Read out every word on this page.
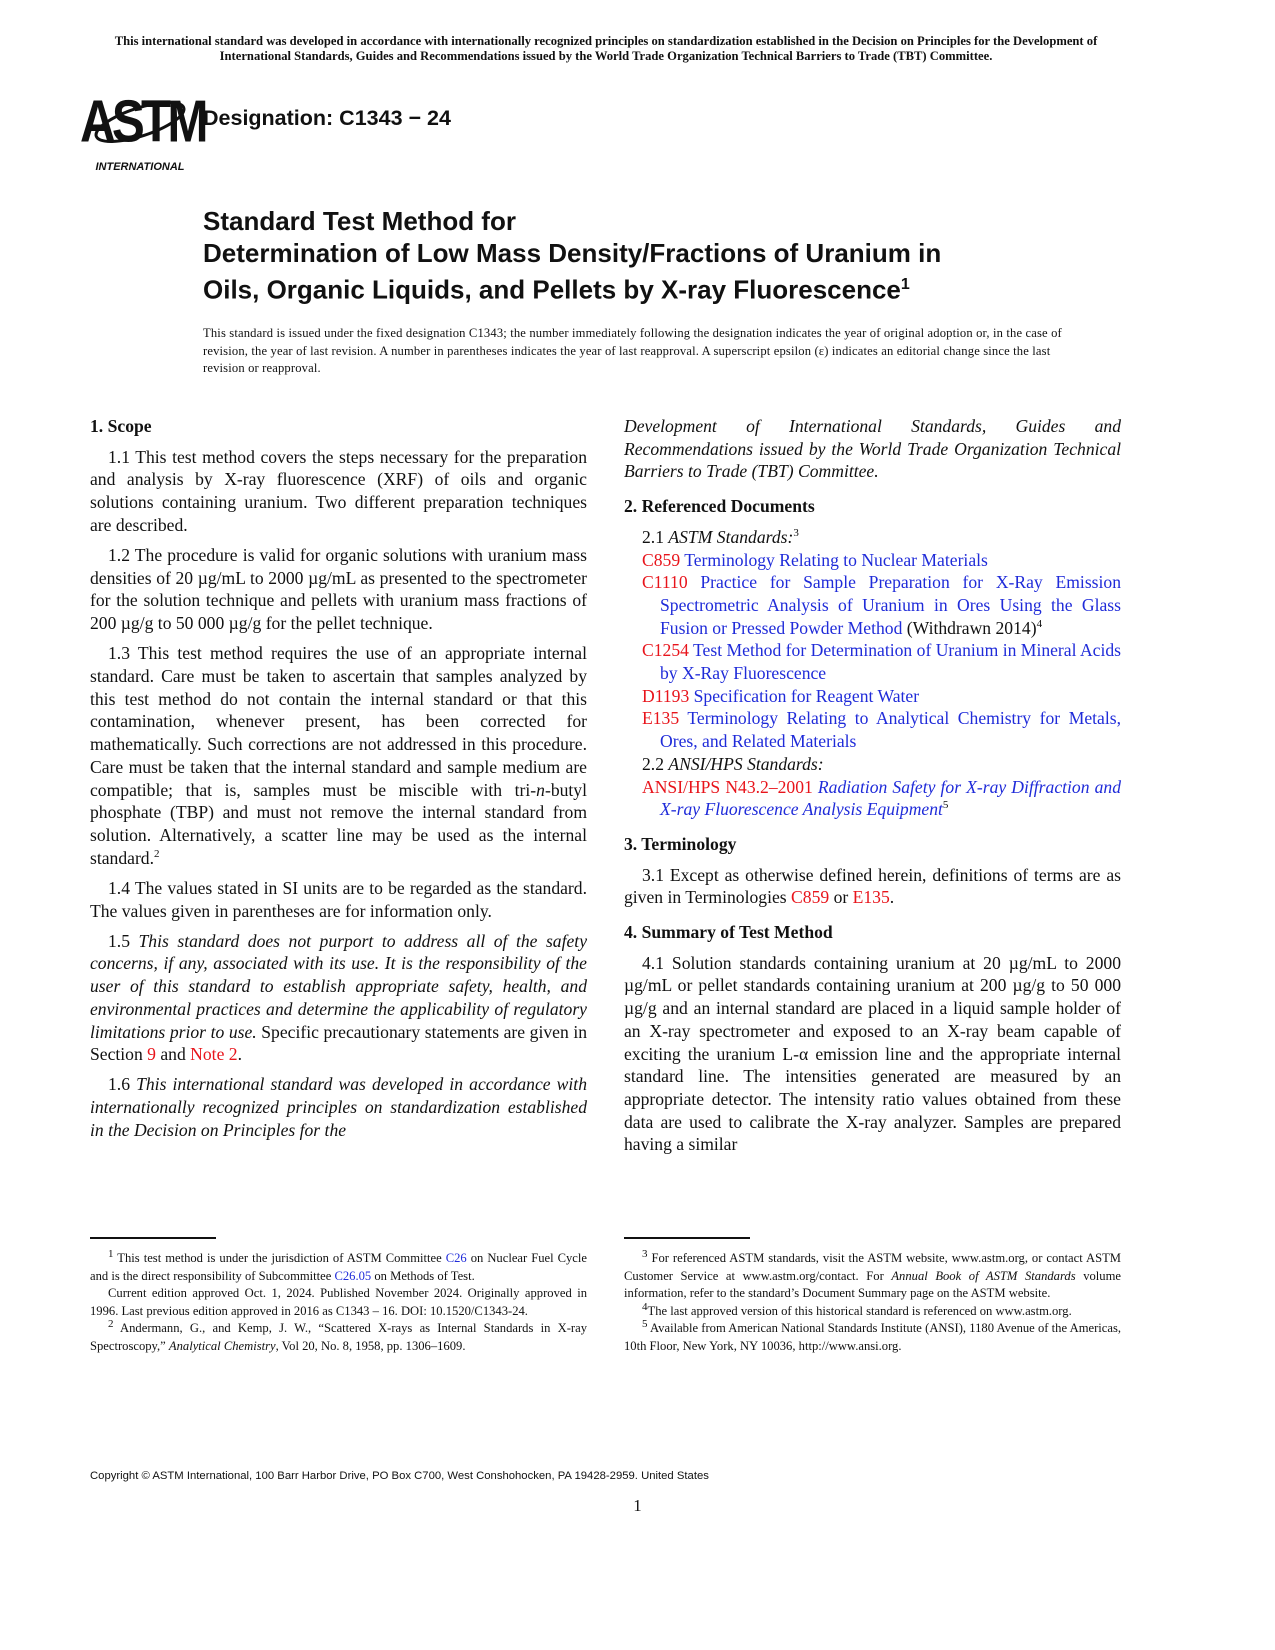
This international standard was developed in accordance with internationally recognized principles on standardization established in the Decision on Principles for the Development of International Standards, Guides and Recommendations issued by the World Trade Organization Technical Barriers to Trade (TBT) Committee.
ASTM
INTERNATIONAL
Designation: C1343 − 24
Standard Test Method for
Determination of Low Mass Density/Fractions of Uranium in
Oils, Organic Liquids, and Pellets by X-ray Fluorescence$^1$
This standard is issued under the fixed designation C1343; the number immediately following the designation indicates the year of original adoption or, in the case of revision, the year of last revision. A number in parentheses indicates the year of last reapproval. A superscript epsilon (ε) indicates an editorial change since the last revision or reapproval.
1. Scope

1.1 This test method covers the steps necessary for the preparation and analysis by X-ray fluorescence (XRF) of oils and organic solutions containing uranium. Two different preparation techniques are described.

1.2 The procedure is valid for organic solutions with uranium mass densities of 20 µg/mL to 2000 µg/mL as presented to the spectrometer for the solution technique and pellets with uranium mass fractions of 200 µg/g to 50 000 µg/g for the pellet technique.

1.3 This test method requires the use of an appropriate internal standard. Care must be taken to ascertain that samples analyzed by this test method do not contain the internal standard or that this contamination, whenever present, has been corrected for mathematically. Such corrections are not addressed in this procedure. Care must be taken that the internal standard and sample medium are compatible; that is, samples must be miscible with tri-n-butyl phosphate (TBP) and must not remove the internal standard from solution. Alternatively, a scatter line may be used as the internal standard.$^2$

1.4 The values stated in SI units are to be regarded as the standard. The values given in parentheses are for information only.

1.5 This standard does not purport to address all of the safety concerns, if any, associated with its use. It is the responsibility of the user of this standard to establish appropriate safety, health, and environmental practices and determine the applicability of regulatory limitations prior to use. Specific precautionary statements are given in Section 9 and Note 2.

1.6 This international standard was developed in accordance with internationally recognized principles on standardization established in the Decision on Principles for the

Development of International Standards, Guides and Recommendations issued by the World Trade Organization Technical Barriers to Trade (TBT) Committee.

2. Referenced Documents

2.1 ASTM Standards:$^3$

C859 Terminology Relating to Nuclear Materials

C1110 Practice for Sample Preparation for X-Ray Emission Spectrometric Analysis of Uranium in Ores Using the Glass Fusion or Pressed Powder Method (Withdrawn 2014)$^4$

C1254 Test Method for Determination of Uranium in Mineral Acids by X-Ray Fluorescence

D1193 Specification for Reagent Water

E135 Terminology Relating to Analytical Chemistry for Metals, Ores, and Related Materials

2.2 ANSI/HPS Standards:

ANSI/HPS N43.2–2001 Radiation Safety for X-ray Diffraction and X-ray Fluorescence Analysis Equipment$^5$

3. Terminology

3.1 Except as otherwise defined herein, definitions of terms are as given in Terminologies C859 or E135.

4. Summary of Test Method

4.1 Solution standards containing uranium at 20 µg/mL to 2000 µg/mL or pellet standards containing uranium at 200 µg/g to 50 000 µg/g and an internal standard are placed in a liquid sample holder of an X-ray spectrometer and exposed to an X-ray beam capable of exciting the uranium L-α emission line and the appropriate internal standard line. The intensities generated are measured by an appropriate detector. The intensity ratio values obtained from these data are used to calibrate the X-ray analyzer. Samples are prepared having a similar

1 This test method is under the jurisdiction of ASTM Committee C26 on Nuclear Fuel Cycle and is the direct responsibility of Subcommittee C26.05 on Methods of Test.

Current edition approved Oct. 1, 2024. Published November 2024. Originally approved in 1996. Last previous edition approved in 2016 as C1343 – 16. DOI: 10.1520/C1343-24.

2 Andermann, G., and Kemp, J. W., “Scattered X-rays as Internal Standards in X-ray Spectroscopy,” Analytical Chemistry, Vol 20, No. 8, 1958, pp. 1306–1609.

3 For referenced ASTM standards, visit the ASTM website, www.astm.org, or contact ASTM Customer Service at www.astm.org/contact. For Annual Book of ASTM Standards volume information, refer to the standard’s Document Summary page on the ASTM website.

4The last approved version of this historical standard is referenced on www.astm.org.

5 Available from American National Standards Institute (ANSI), 1180 Avenue of the Americas, 10th Floor, New York, NY 10036, http://www.ansi.org.

Copyright © ASTM International, 100 Barr Harbor Drive, PO Box C700, West Conshohocken, PA 19428-2959. United States
1
